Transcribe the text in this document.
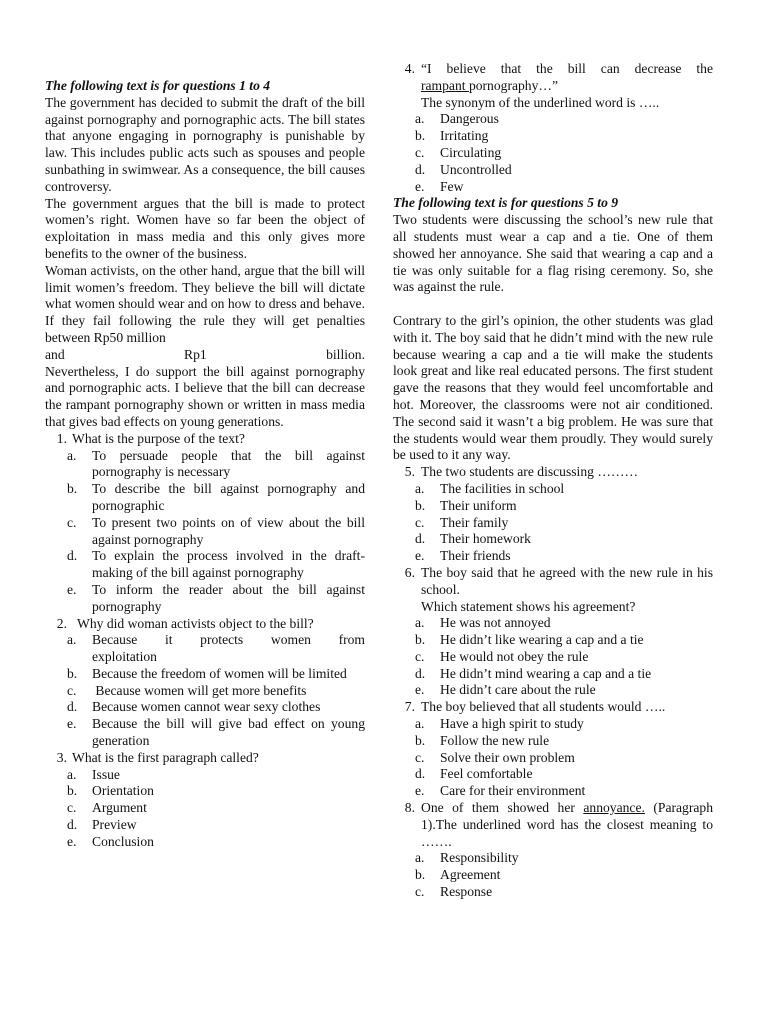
The following text is for questions 1 to 4

The government has decided to submit the draft of the bill against pornography and pornographic acts. The bill states that anyone engaging in pornography is punishable by law. This includes public acts such as spouses and people sunbathing in swimwear. As a consequence, the bill causes controversy.

The government argues that the bill is made to protect women’s right. Women have so far been the object of exploitation in mass media and this only gives more benefits to the owner of the business.

Woman activists, on the other hand, argue that the bill will limit women’s freedom. They believe the bill will dictate what women should wear and on how to dress and behave. If they fail following the rule they will get penalties between Rp50 million

and Rp1 billion.

Nevertheless, I do support the bill against pornography and pornographic acts. I believe that the bill can decrease the rampant pornography shown or written in mass media that gives bad effects on young generations.

1. What is the purpose of the text?
a.	To persuade people that the bill against pornography is necessary
b.	To describe the bill against pornography and pornographic
c.	To present two points on of view about the bill against pornography
d.	To explain the process involved in the draft-making of the bill against pornography
e.	To inform the reader about the bill against pornography
2. Why did woman activists object to the bill?
a.	Because it protects women from
exploitation
b.	Because the freedom of women will be limited
c.	Because women will get more benefits
d.	Because women cannot wear sexy clothes
e.	Because the bill will give bad effect on young generation
3. What is the first paragraph called?
a.	Issue
b.	Orientation
c.	Argument
d.	Preview
e.	Conclusion
4. “I believe that the bill can decrease the
rampant pornography…”
The synonym of the underlined word is …..
a.	Dangerous
b.	Irritating
c.	Circulating
d.	Uncontrolled
e.	Few
The following text is for questions 5 to 9

Two students were discussing the school’s new rule that all students must wear a cap and a tie. One of them showed her annoyance. She said that wearing a cap and a tie was only suitable for a flag rising ceremony. So, she was against the rule.

Contrary to the girl’s opinion, the other students was glad with it. The boy said that he didn’t mind with the new rule because wearing a cap and a tie will make the students look great and like real educated persons. The first student gave the reasons that they would feel uncomfortable and hot. Moreover, the classrooms were not air conditioned. The second said it wasn’t a big problem. He was sure that the students would wear them proudly. They would surely be used to it any way.

5. The two students are discussing ………
a.	The facilities in school
b.	Their uniform
c.	Their family
d.	Their homework
e.	Their friends
6. The boy said that he agreed with the new rule in his school.
Which statement shows his agreement?
a.	He was not annoyed
b.	He didn’t like wearing a cap and a tie
c.	He would not obey the rule
d.	He didn’t mind wearing a cap and a tie
e.	He didn’t care about the rule
7. The boy believed that all students would …..
a.	Have a high spirit to study
b.	Follow the new rule
c.	Solve their own problem
d.	Feel comfortable
e.	Care for their environment
8. One of them showed her annoyance. (Paragraph 1).The underlined word has the closest meaning to …….
a.	Responsibility
b.	Agreement
c.	Response
